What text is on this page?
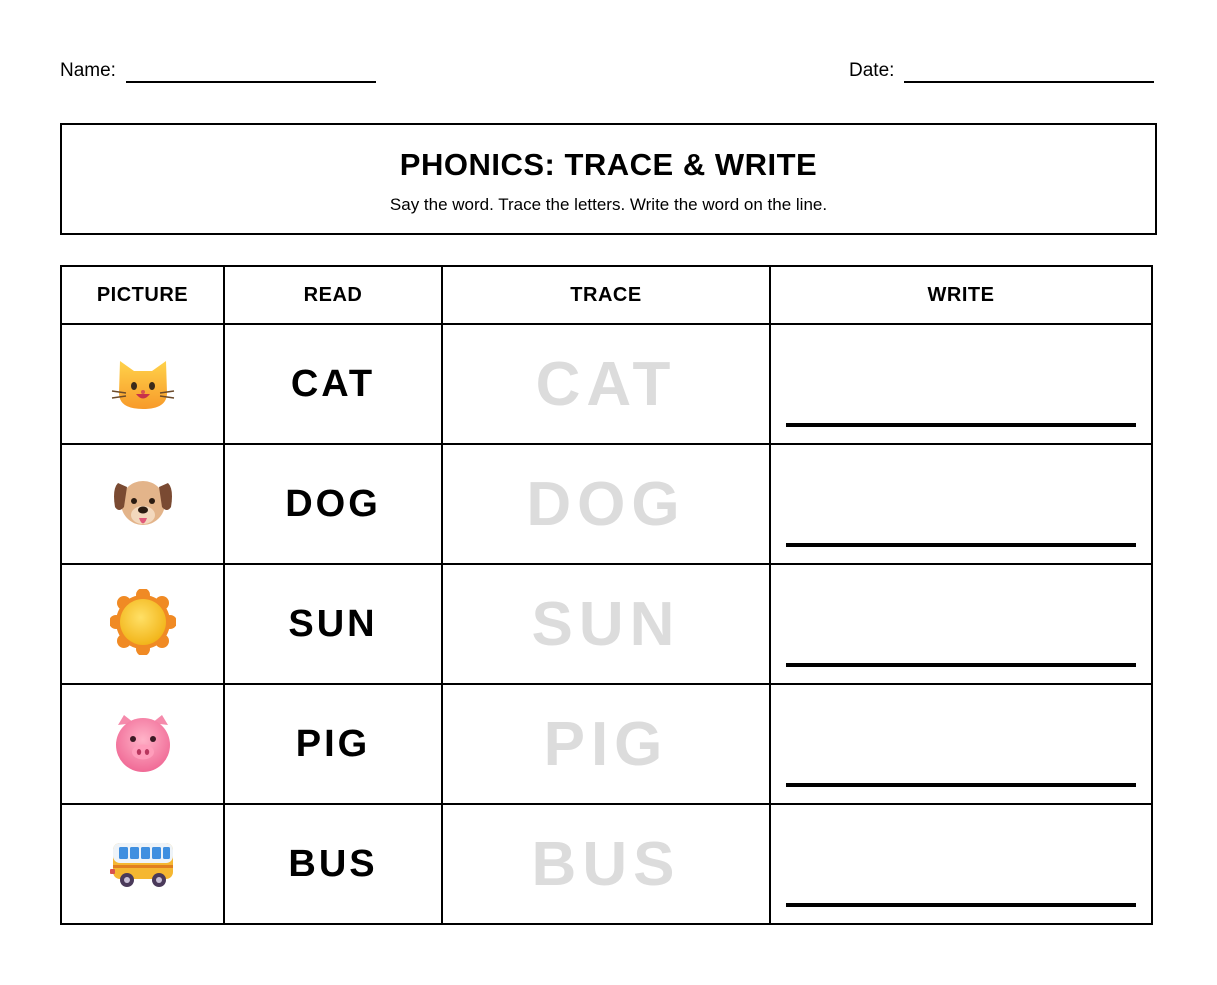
Name:	Date:
PHONICS: TRACE & WRITE
Say the word. Trace the letters. Write the word on the line.
PICTURE	READ	TRACE	WRITE
	CAT	CAT	

	DOG	DOG	

	SUN	SUN	

	PIG	PIG	

	BUS	BUS	
